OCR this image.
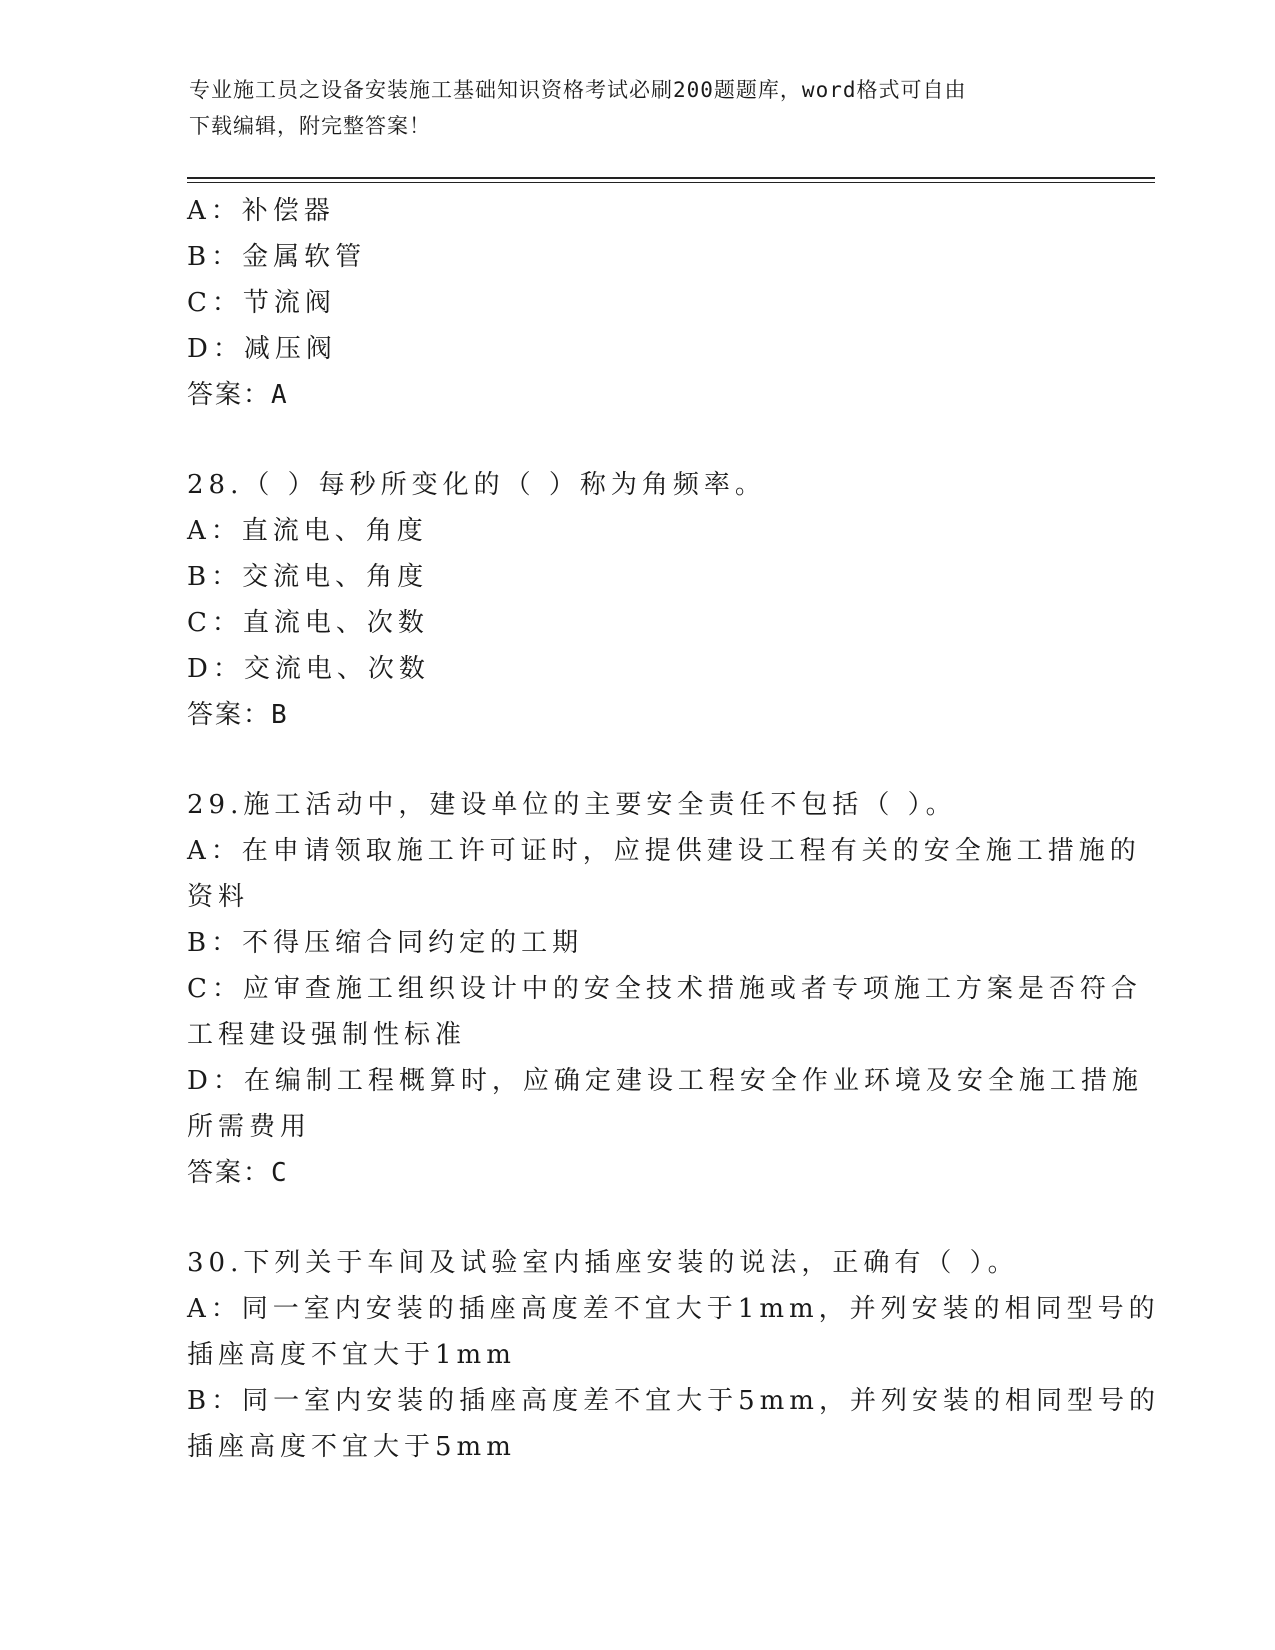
专业施工员之设备安装施工基础知识资格考试必刷200题题库，word格式可自由
下载编辑，附完整答案！
A：补偿器
B：金属软管
C：节流阀
D：减压阀
答案：A
28.（ ）每秒所变化的（ ）称为角频率。
A：直流电、角度
B：交流电、角度
C：直流电、次数
D：交流电、次数
答案：B
29.施工活动中，建设单位的主要安全责任不包括（ ）。
A：在申请领取施工许可证时，应提供建设工程有关的安全施工措施的
资料
B：不得压缩合同约定的工期
C：应审查施工组织设计中的安全技术措施或者专项施工方案是否符合
工程建设强制性标准
D：在编制工程概算时，应确定建设工程安全作业环境及安全施工措施
所需费用
答案：C
30.下列关于车间及试验室内插座安装的说法，正确有（ ）。
A：同一室内安装的插座高度差不宜大于1mm，并列安装的相同型号的
插座高度不宜大于1mm
B：同一室内安装的插座高度差不宜大于5mm，并列安装的相同型号的
插座高度不宜大于5mm
